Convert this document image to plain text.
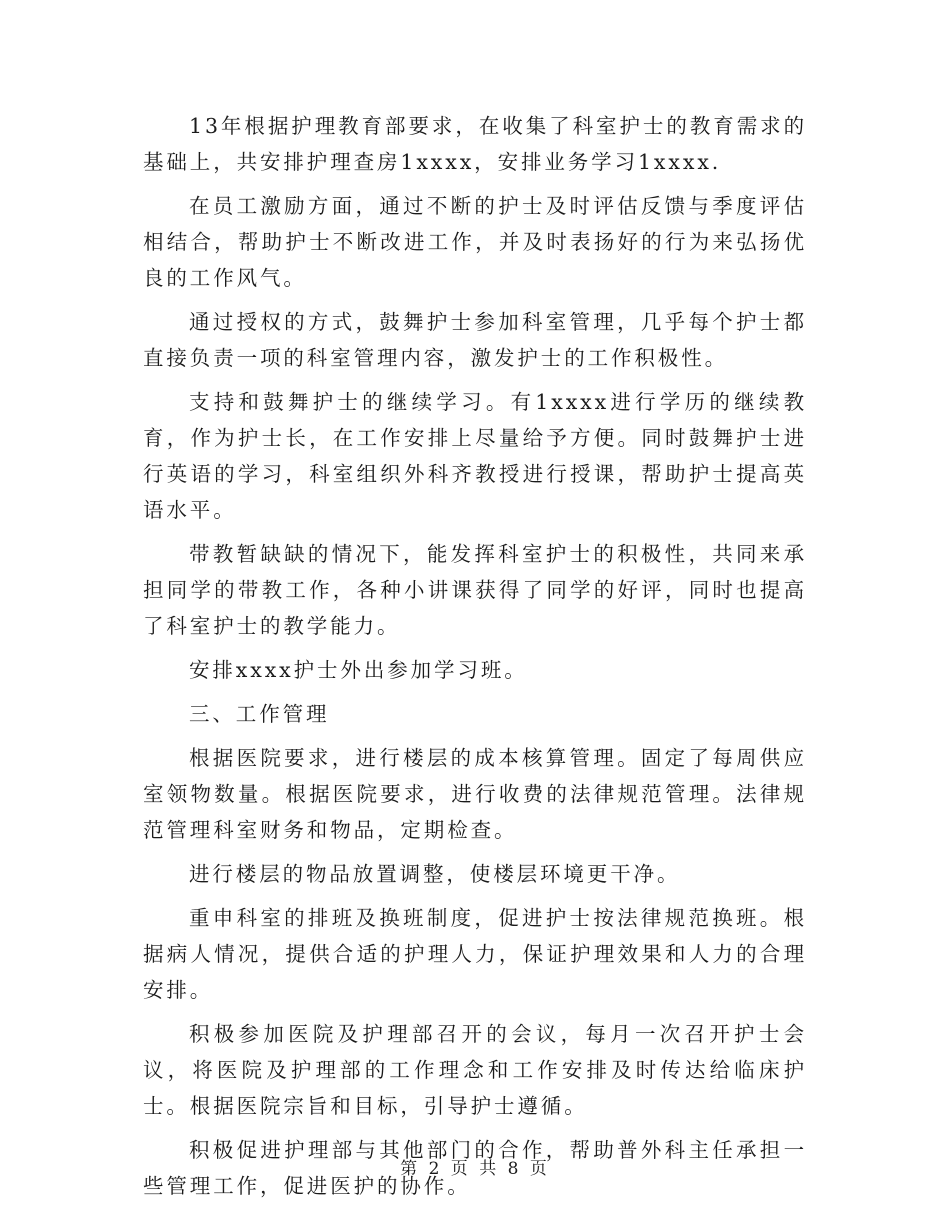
13年根据护理教育部要求，在收集了科室护士的教育需求的基础上，共安排护理查房1xxxx，安排业务学习1xxxx.

在员工激励方面，通过不断的护士及时评估反馈与季度评估相结合，帮助护士不断改进工作，并及时表扬好的行为来弘扬优良的工作风气。

通过授权的方式，鼓舞护士参加科室管理，几乎每个护士都直接负责一项的科室管理内容，激发护士的工作积极性。

支持和鼓舞护士的继续学习。有1xxxx进行学历的继续教育，作为护士长，在工作安排上尽量给予方便。同时鼓舞护士进行英语的学习，科室组织外科齐教授进行授课，帮助护士提高英语水平。

带教暂缺缺的情况下，能发挥科室护士的积极性，共同来承担同学的带教工作，各种小讲课获得了同学的好评，同时也提高了科室护士的教学能力。

安排xxxx护士外出参加学习班。

三、工作管理

根据医院要求，进行楼层的成本核算管理。固定了每周供应室领物数量。根据医院要求，进行收费的法律规范管理。法律规范管理科室财务和物品，定期检查。

进行楼层的物品放置调整，使楼层环境更干净。

重申科室的排班及换班制度，促进护士按法律规范换班。根据病人情况，提供合适的护理人力，保证护理效果和人力的合理安排。

积极参加医院及护理部召开的会议，每月一次召开护士会议，将医院及护理部的工作理念和工作安排及时传达给临床护士。根据医院宗旨和目标，引导护士遵循。

积极促进护理部与其他部门的合作，帮助普外科主任承担一些管理工作，促进医护的协作。

第 2 页 共 8 页
